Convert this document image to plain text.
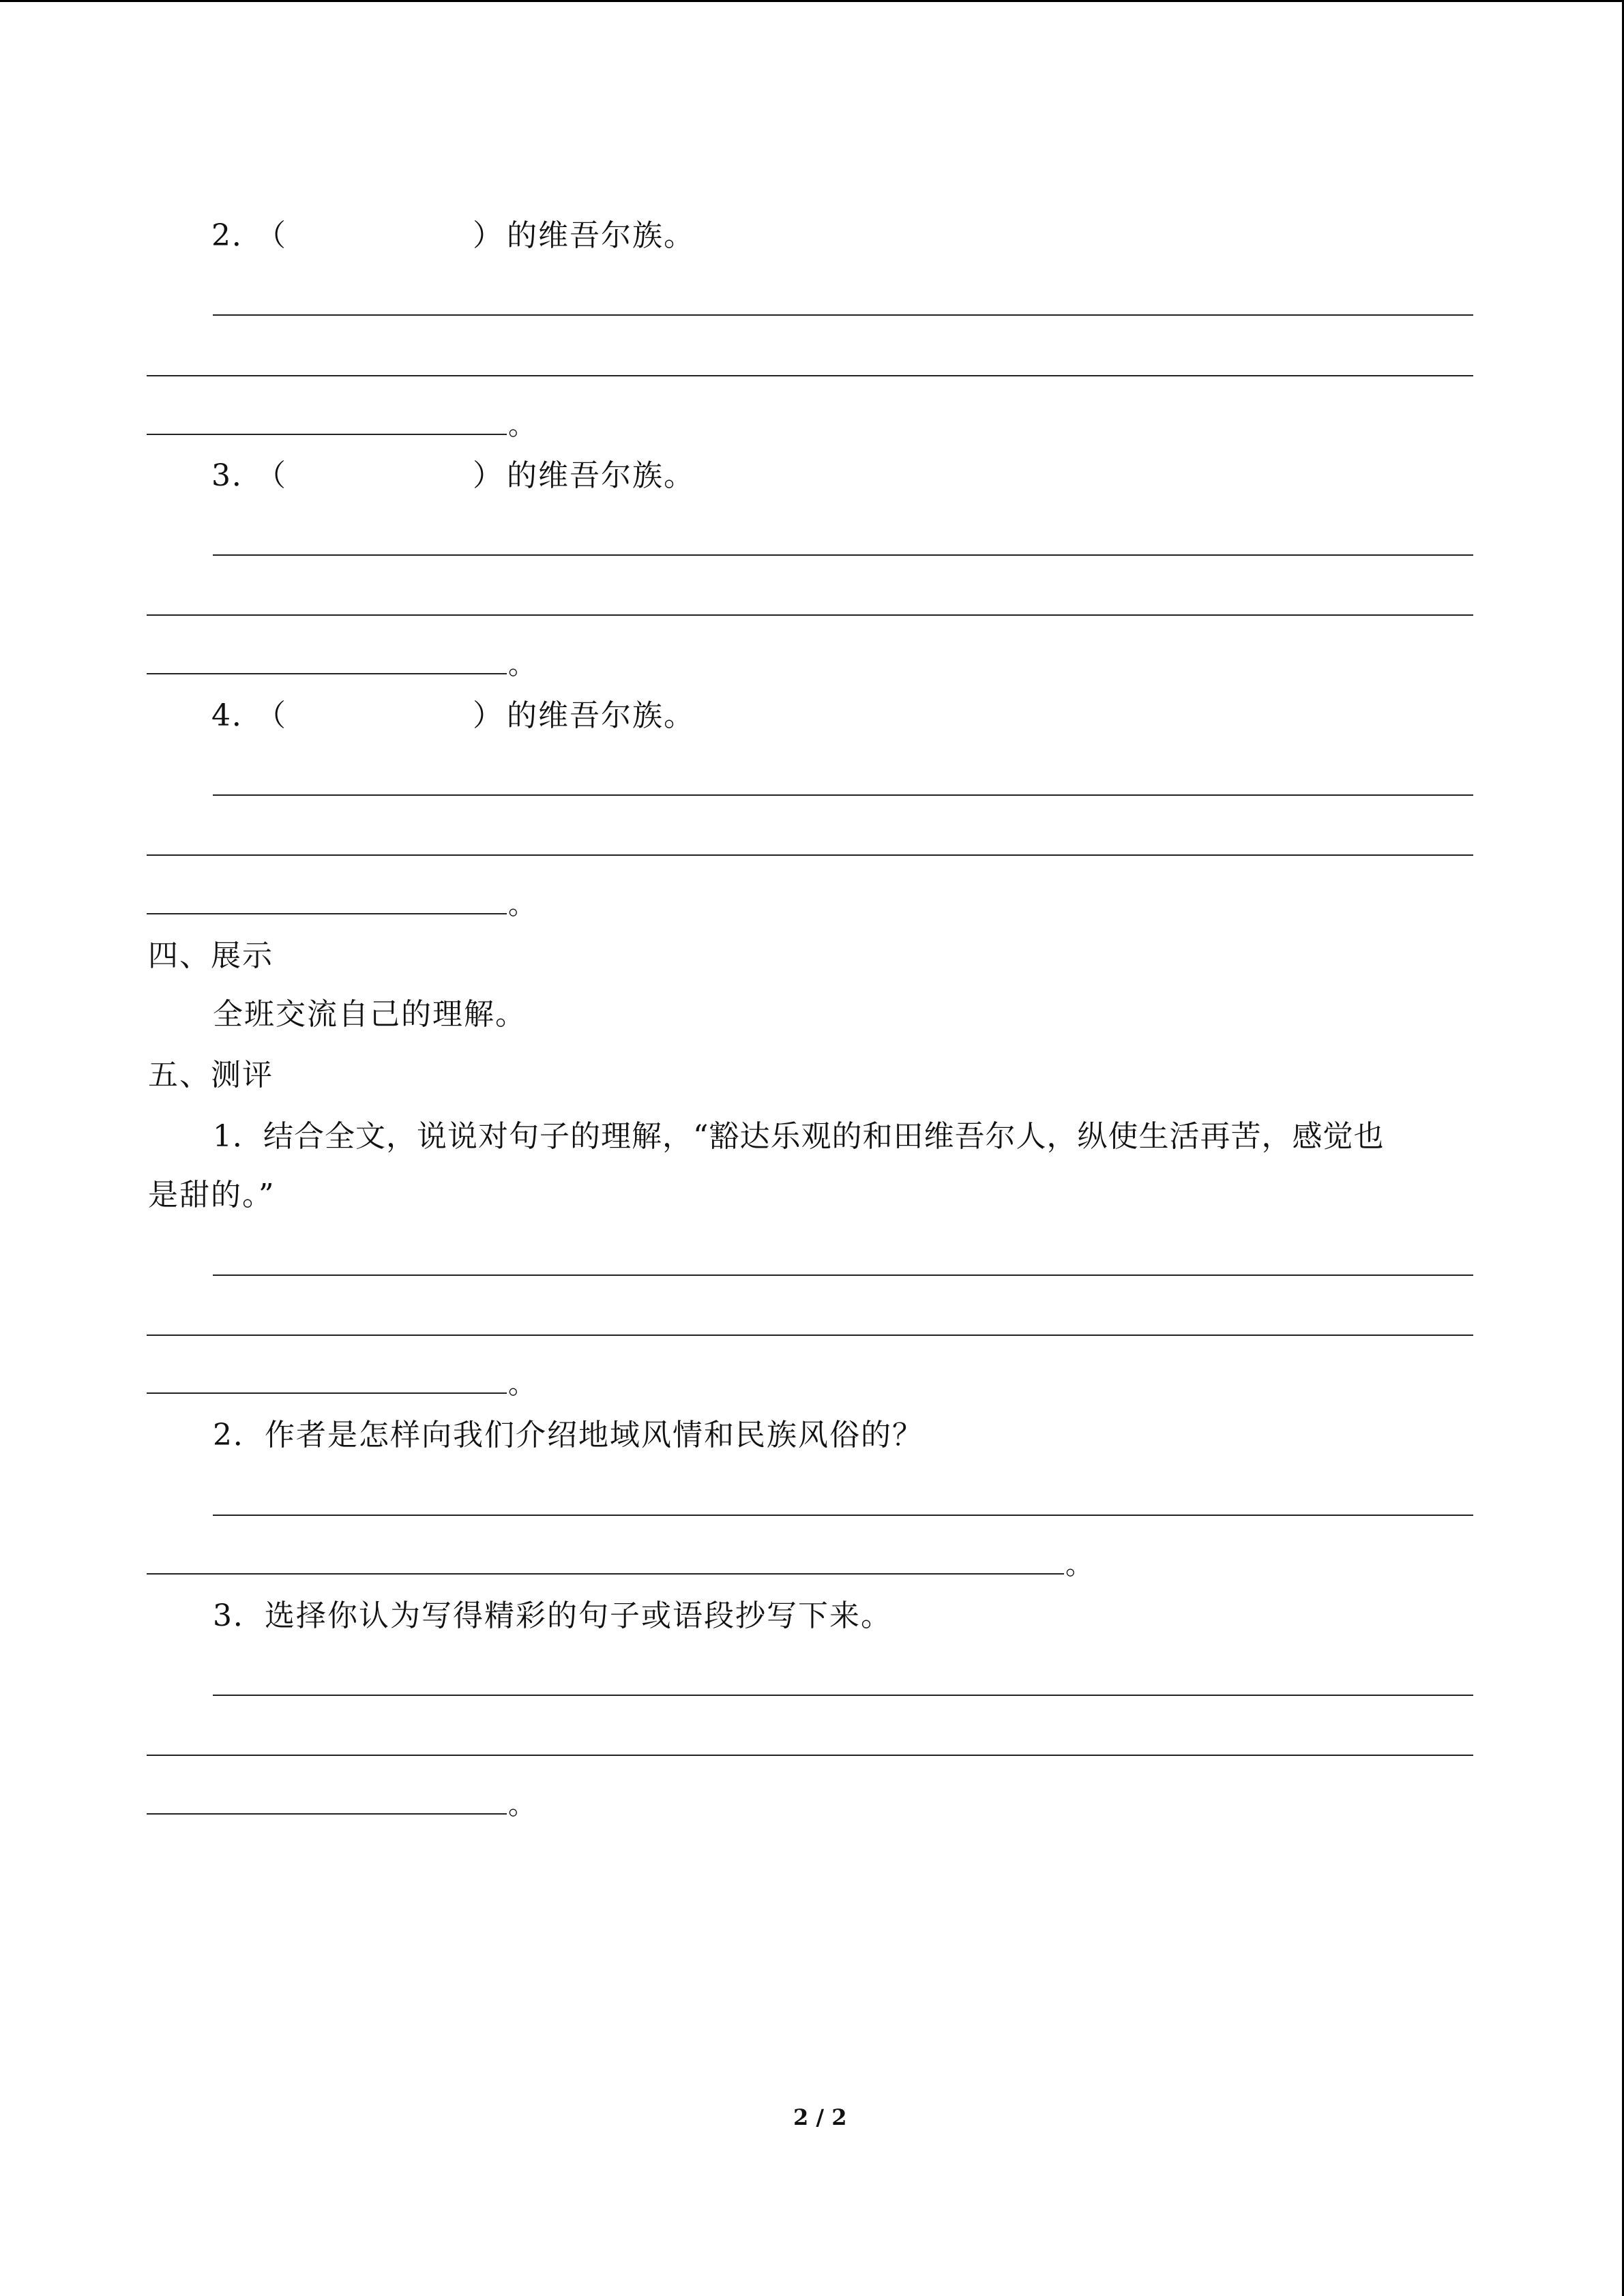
2．
（	） 的维吾尔族。
。
3．
（	） 的维吾尔族。
。
4．
（	） 的维吾尔族。
。
四、展示
全班交流自己的理解。
五、测评
1．结合全文，说说对句子的理解，“豁达乐观的和田维吾尔人，纵使生活再苦，感觉也
是甜的。”
。
2．作者是怎样向我们介绍地域风情和民族风俗的？
。
3．选择你认为写得精彩的句子或语段抄写下来。
。
2 / 2
